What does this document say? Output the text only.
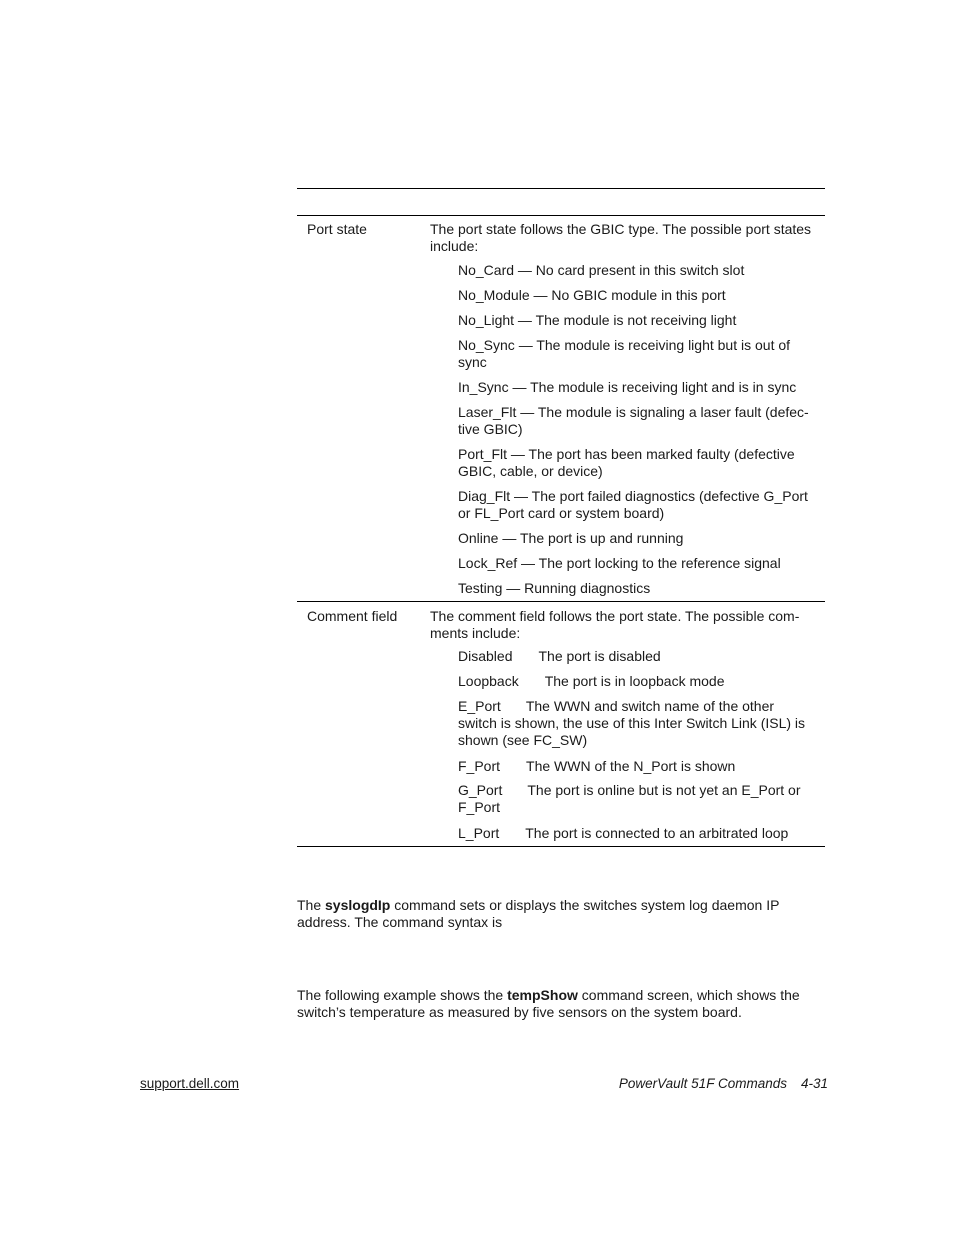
Port state	The port state follows the GBIC type. The possible port states include:

No_Card — No card present in this switch slot

No_Module — No GBIC module in this port

No_Light — The module is not receiving light

No_Sync — The module is receiving light but is out of sync

In_Sync — The module is receiving light and is in sync

Laser_Flt — The module is signaling a laser fault (defec-tive GBIC)

Port_Flt — The port has been marked faulty (defective GBIC, cable, or device)

Diag_Flt — The port failed diagnostics (defective G_Port or FL_Port card or system board)

Online — The port is up and running

Lock_Ref — The port locking to the reference signal

Testing — Running diagnostics

Comment field	The comment field follows the port state. The possible com-ments include:

Disabled The port is disabled

Loopback The port is in loopback mode

E_Port The WWN and switch name of the other switch is shown, the use of this Inter Switch Link (ISL) is shown (see FC_SW)

F_Port The WWN of the N_Port is shown

G_Port The port is online but is not yet an E_Port or F_Port

L_Port The port is connected to an arbitrated loop

The syslogdIp command sets or displays the switches system log daemon IP address. The command syntax is

The following example shows the tempShow command screen, which shows the switch’s temperature as measured by five sensors on the system board.

support.dell.com	PowerVault 51F Commands 4-31
